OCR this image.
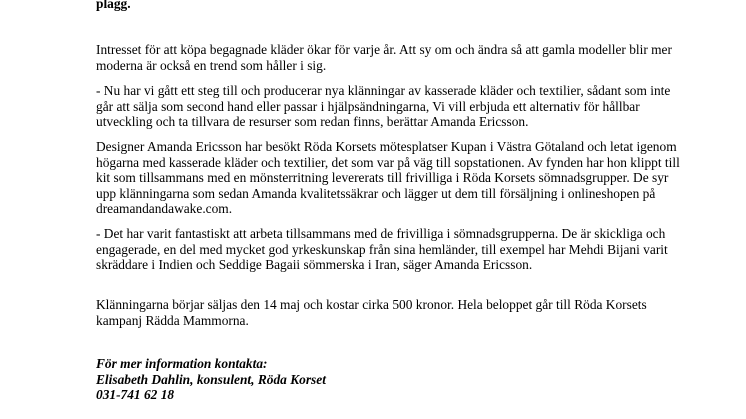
plagg.

Intresset för att köpa begagnade kläder ökar för varje år. Att sy om och ändra så att gamla modeller blir mer moderna är också en trend som håller i sig.

- Nu har vi gått ett steg till och producerar nya klänningar av kasserade kläder och textilier, sådant som inte går att sälja som second hand eller passar i hjälpsändningarna, Vi vill erbjuda ett alternativ för hållbar utveckling och ta tillvara de resurser som redan finns, berättar Amanda Ericsson.

Designer Amanda Ericsson har besökt Röda Korsets mötesplatser Kupan i Västra Götaland och letat igenom högarna med kasserade kläder och textilier, det som var på väg till sopstationen. Av fynden har hon klippt till kit som tillsammans med en mönsterritning levererats till frivilliga i Röda Korsets sömnadsgrupper. De syr upp klänningarna som sedan Amanda kvalitetssäkrar och lägger ut dem till försäljning i onlineshopen på dreamandandawake.com.

- Det har varit fantastiskt att arbeta tillsammans med de frivilliga i sömnadsgrupperna. De är skickliga och engagerade, en del med mycket god yrkeskunskap från sina hemländer, till exempel har Mehdi Bijani varit skräddare i Indien och Seddige Bagaii sömmerska i Iran, säger Amanda Ericsson.

Klänningarna börjar säljas den 14 maj och kostar cirka 500 kronor. Hela beloppet går till Röda Korsets kampanj Rädda Mammorna.

För mer information kontakta:
Elisabeth Dahlin, konsulent, Röda Korset
031-741 62 18
